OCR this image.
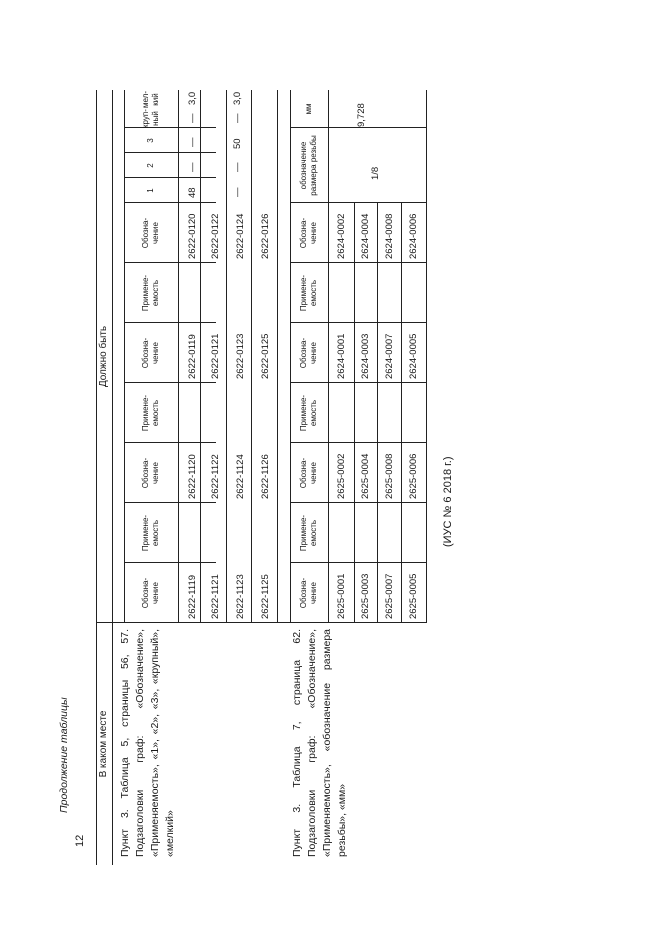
12
Продолжение таблицы
(ИУС № 6 2018 г.)
В каком месте
Должно быть
Обозна-
чение
Примене-
емость
Обозна-
чение
Примене-
емость
Обозна-
чение
Примене-
емость
Обозна-
чение
1
2
3
круп-
ный
мел-
кий
Пункт 3. Таблица 5, страницы 56, 57. Подзаголовки граф: «Обозначение», «Применяемость», «1», «2», «3», «крупный», «мелкий»
2622-1119
2622-1120
2622-0119
2622-0120
48
—
—
—
3,0
2622-1121
2622-1122
2622-0121
2622-0122
2622-1123
2622-1124
2622-0123
2622-0124
—
—
50
—
3,0
2622-1125
2622-1126
2622-0125
2622-0126
Пункт 3. Таблица 7, страница 62. Подзаголовки граф: «Обозначение», «Применяемость», «обозначение размера резьбы», «мм»
Обозна-
чение
Примене-
емость
Обозна-
чение
Примене-
емость
Обозна-
чение
Примене-
емость
Обозна-
чение
обозначение
размера резьбы
мм
2625-0001
2625-0002
2624-0001
2624-0002
2625-0003
2625-0004
2624-0003
2624-0004
2625-0007
2625-0008
2624-0007
2624-0008
2625-0005
2625-0006
2624-0005
2624-0006
1/8
9,728
